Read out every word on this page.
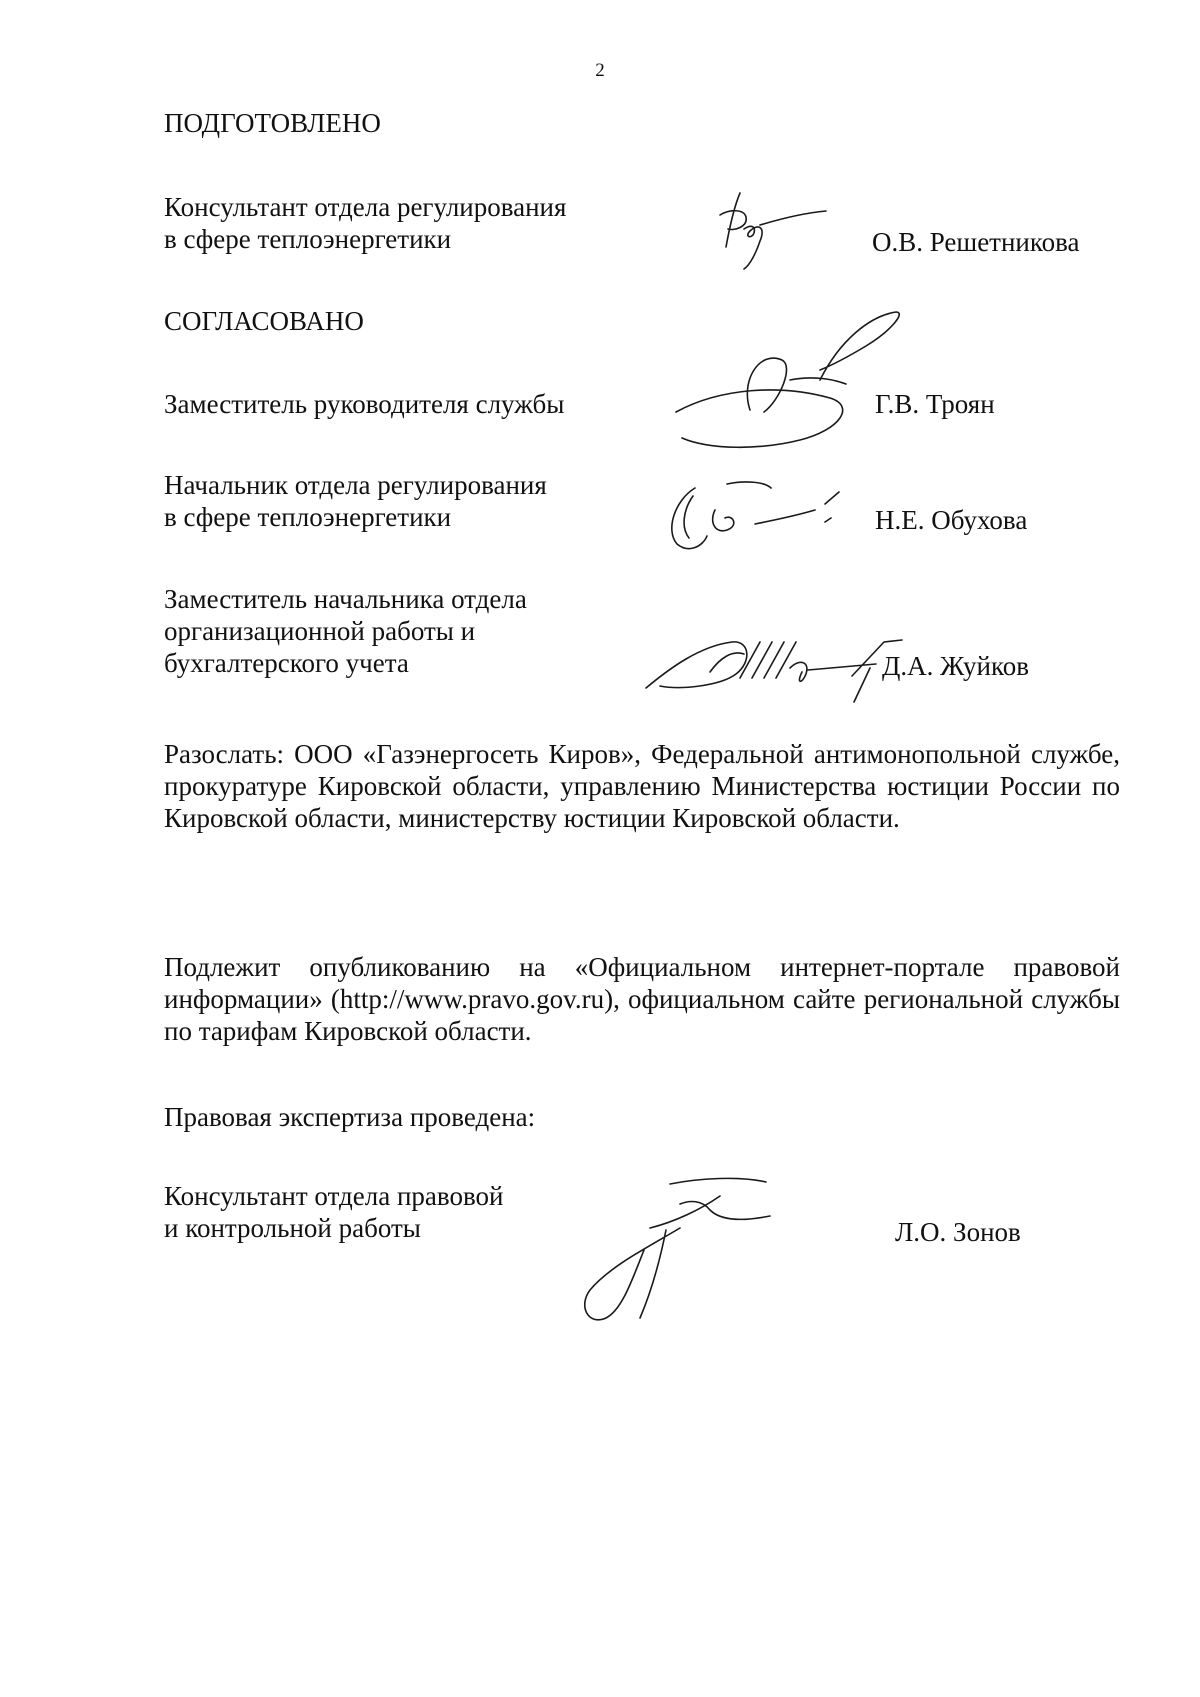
2
ПОДГОТОВЛЕНО
Консультант отдела регулирования
в сфере теплоэнергетики	О.В. Решетникова
СОГЛАСОВАНО
Заместитель руководителя службы	Г.В. Троян
Начальник отдела регулирования
в сфере теплоэнергетики	Н.Е. Обухова
Заместитель начальника отдела
организационной работы и
бухгалтерского учета	Д.А. Жуйков
Разослать: ООО «Газэнергосеть Киров», Федеральной антимонопольной службе, прокуратуре Кировской области, управлению Министерства юстиции России по Кировской области, министерству юстиции Кировской области.
Подлежит опубликованию на «Официальном интернет-портале правовой информации» (http://www.pravo.gov.ru), официальном сайте региональной службы по тарифам Кировской области.
Правовая экспертиза проведена:
Консультант отдела правовой
и контрольной работы	Л.О. Зонов
